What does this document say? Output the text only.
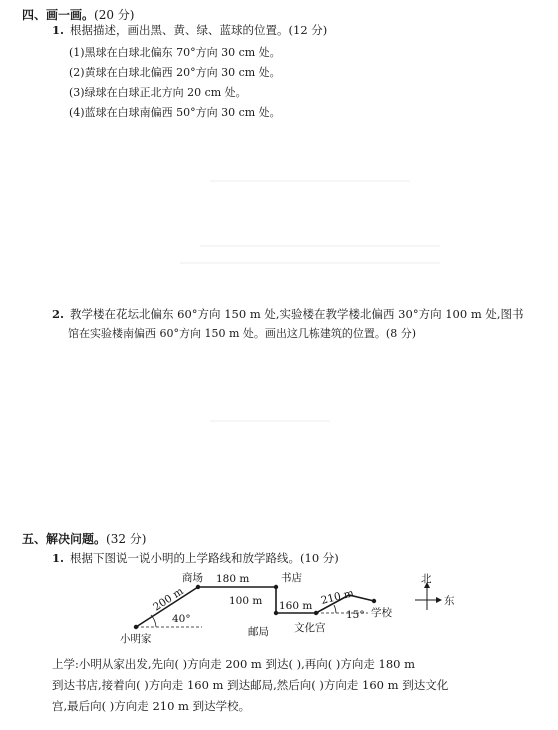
四、画一画。(20 分)
1. 根据描述，画出黑、黄、绿、蓝球的位置。(12 分)
(1)黑球在白球北偏东 70°方向 30 cm 处。
(2)黄球在白球北偏西 20°方向 30 cm 处。
(3)绿球在白球正北方向 20 cm 处。
(4)蓝球在白球南偏西 50°方向 30 cm 处。
2. 教学楼在花坛北偏东 60°方向 150 m 处,实验楼在教学楼北偏西 30°方向 100 m 处,图书
馆在实验楼南偏西 60°方向 150 m 处。画出这几栋建筑的位置。(8 分)
五、解决问题。(32 分)
1. 根据下图说一说小明的上学路线和放学路线。(10 分)
小明家
商场	书店
邮局 文化宫
学校
200 m
180 m
100 m 160 m 210 m
40°	15°
北
东
上学:小明从家出发,先向( )方向走 200 m 到达( ),再向( )方向走 180 m
到达书店,接着向( )方向走 160 m 到达邮局,然后向( )方向走 160 m 到达文化
宫,最后向( )方向走 210 m 到达学校。
